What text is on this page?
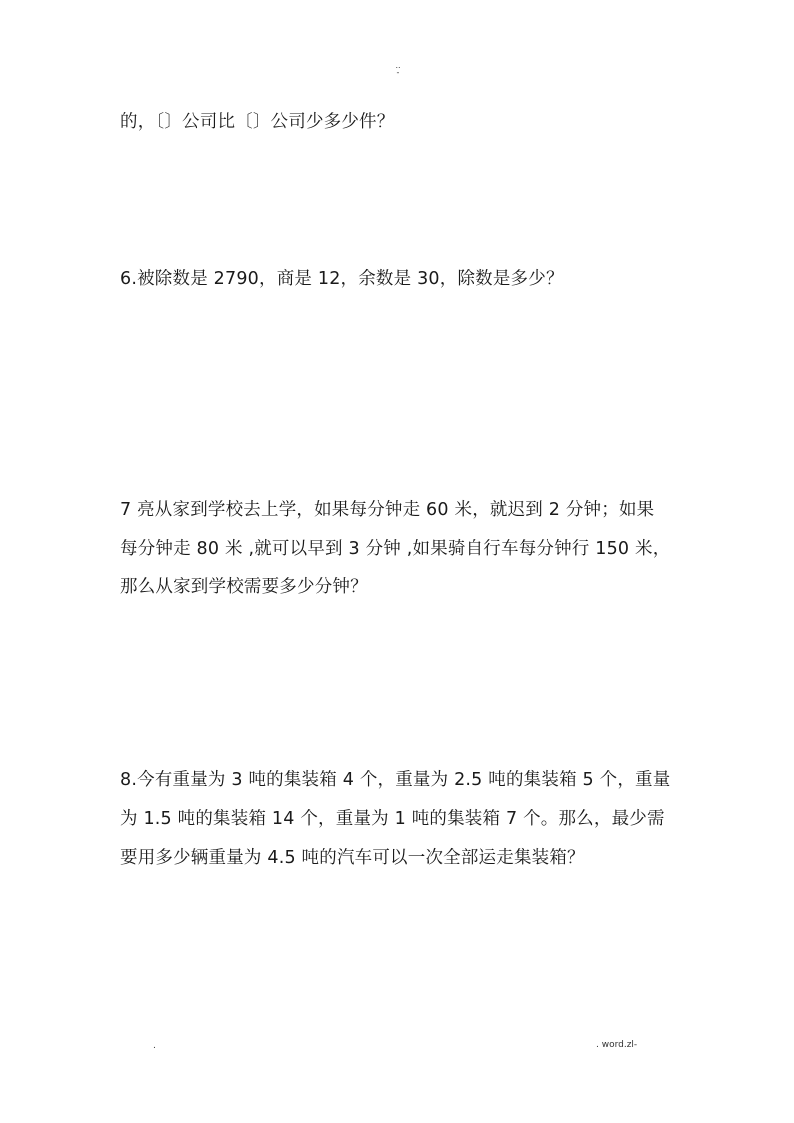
..
-
的，〔〕公司比〔〕公司少多少件？
6.被除数是 2790，商是 12，余数是 30，除数是多少？
7 亮从家到学校去上学，如果每分钟走 60 米，就迟到 2 分钟；如果
每分钟走 80 米 ,就可以早到 3 分钟 ,如果骑自行车每分钟行 150 米，
那么从家到学校需要多少分钟？
8.今有重量为 3 吨的集装箱 4 个，重量为 2.5 吨的集装箱 5 个，重量
为 1.5 吨的集装箱 14 个，重量为 1 吨的集装箱 7 个。那么，最少需
要用多少辆重量为 4.5 吨的汽车可以一次全部运走集装箱？
.	. word.zl-
